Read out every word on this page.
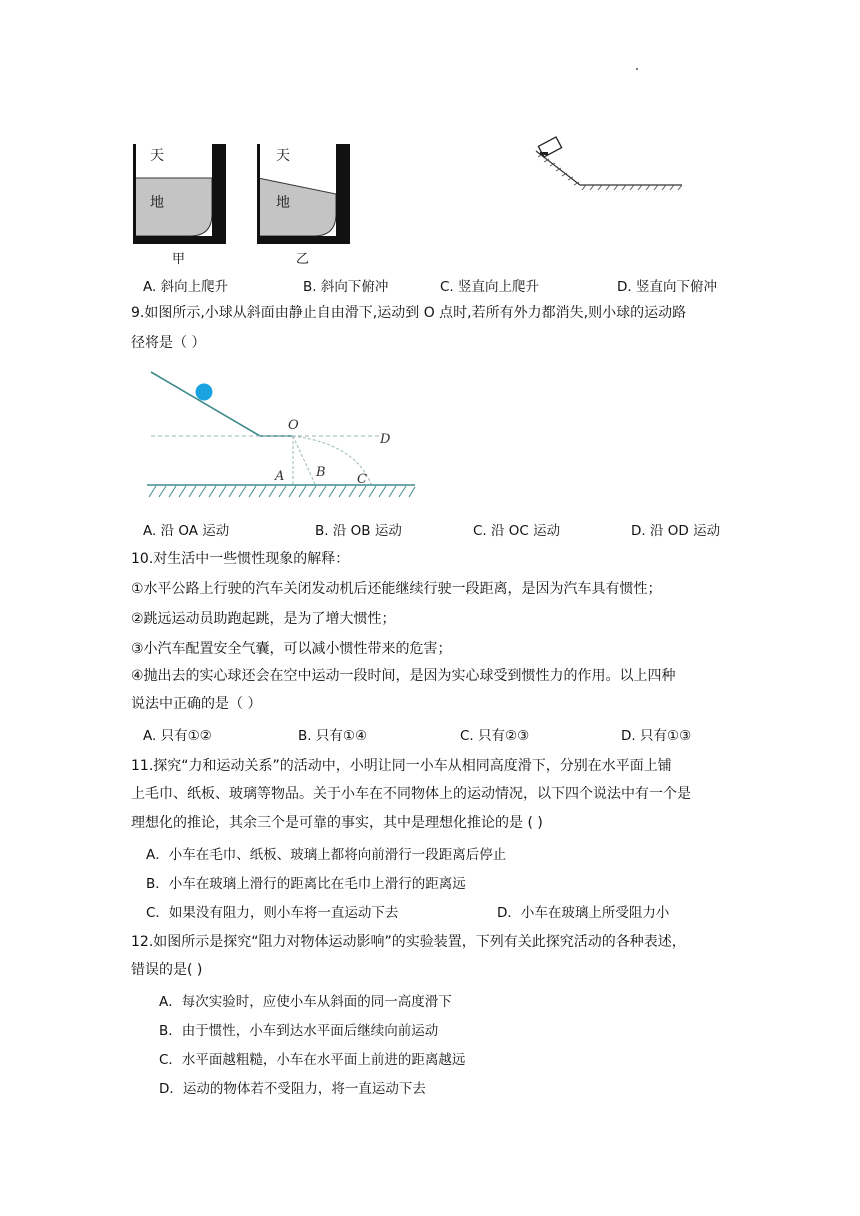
天
地
甲
天
地
乙
A. 斜向上爬升	B. 斜向下俯冲	C. 竖直向上爬升	D. 竖直向下俯冲
9.如图所示,小球从斜面由静止自由滑下,运动到 O 点时,若所有外力都消失,则小球的运动路
径将是（ ）
O
D
A B C
A. 沿 OA 运动	B. 沿 OB 运动	C. 沿 OC 运动	D. 沿 OD 运动
10.对生活中一些惯性现象的解释：
①水平公路上行驶的汽车关闭发动机后还能继续行驶一段距离，是因为汽车具有惯性；
②跳远运动员助跑起跳，是为了增大惯性；
③小汽车配置安全气囊，可以减小惯性带来的危害；
④抛出去的实心球还会在空中运动一段时间，是因为实心球受到惯性力的作用。以上四种
说法中正确的是（ ）
A. 只有①②	B. 只有①④	C. 只有②③	D. 只有①③
11.探究“力和运动关系”的活动中，小明让同一小车从相同高度滑下，分别在水平面上铺
上毛巾、纸板、玻璃等物品。关于小车在不同物体上的运动情况，以下四个说法中有一个是
理想化的推论，其余三个是可靠的事实，其中是理想化推论的是 ( )
A．小车在毛巾、纸板、玻璃上都将向前滑行一段距离后停止
B．小车在玻璃上滑行的距离比在毛巾上滑行的距离远
C．如果没有阻力，则小车将一直运动下去	D．小车在玻璃上所受阻力小
12.如图所示是探究“阻力对物体运动影响”的实验装置，下列有关此探究活动的各种表述，
错误的是( )
A．每次实验时，应使小车从斜面的同一高度滑下
B．由于惯性，小车到达水平面后继续向前运动
C．水平面越粗糙，小车在水平面上前进的距离越远
D．运动的物体若不受阻力，将一直运动下去
